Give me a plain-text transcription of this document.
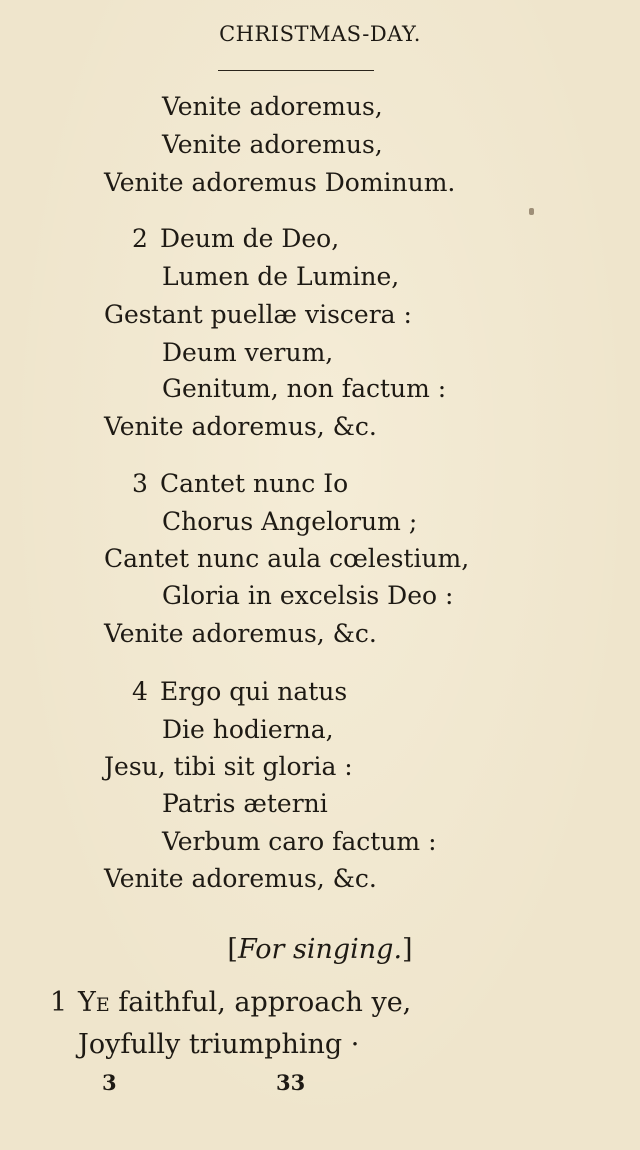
CHRISTMAS-DAY.
Venite adoremus,
Venite adoremus,
Venite adoremus Dominum.
2 Deum de Deo,
Lumen de Lumine,
Gestant puellæ viscera :
Deum verum,
Genitum, non factum :
Venite adoremus, &c.
3 Cantet nunc Io
Chorus Angelorum ;
Cantet nunc aula cœlestium,
Gloria in excelsis Deo :
Venite adoremus, &c.
4 Ergo qui natus
Die hodierna,
Jesu, tibi sit gloria :
Patris æterni
Verbum caro factum :
Venite adoremus, &c.
[For singing.]
1 Ye faithful, approach ye,
Joyfully triumphing ·
3	33
